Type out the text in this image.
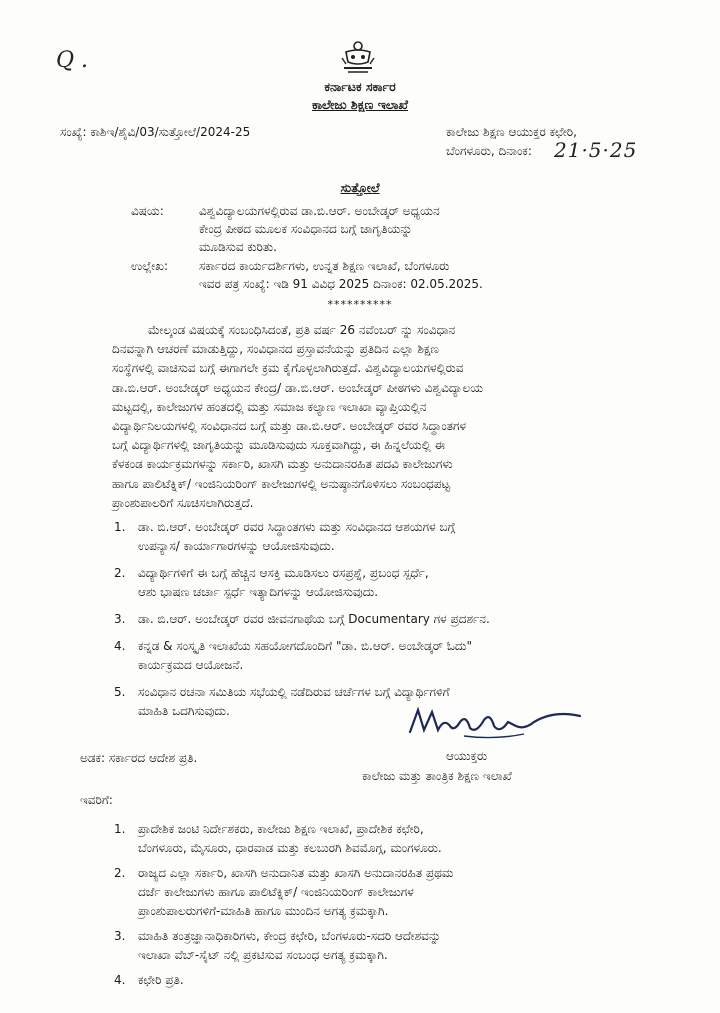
Q .
ಕರ್ನಾಟಕ ಸರ್ಕಾರ
ಕಾಲೇಜು ಶಿಕ್ಷಣ ಇಲಾಖೆ
ಸಂಖ್ಯೆ: ಕಾಶಿಇ/ಶೈವಿ/03/ಸುತ್ತೋಲೆ/2024-25	ಕಾಲೇಜು ಶಿಕ್ಷಣ ಆಯುಕ್ತರ ಕಛೇರಿ,
ಬೆಂಗಳೂರು, ದಿನಾಂಕ: 21·5·25
ಸುತ್ತೋಲೆ
ವಿಷಯ:	ವಿಶ್ವವಿದ್ಯಾಲಯಗಳಲ್ಲಿರುವ ಡಾ.ಬಿ.ಆರ್. ಅಂಬೇಡ್ಕರ್ ಅಧ್ಯಯನ
ಕೇಂದ್ರ ಪೀಠದ ಮೂಲಕ ಸಂವಿಧಾನದ ಬಗ್ಗೆ ಜಾಗೃತಿಯನ್ನು
ಮೂಡಿಸುವ ಕುರಿತು.
ಉಲ್ಲೇಖ:	ಸರ್ಕಾರದ ಕಾರ್ಯದರ್ಶಿಗಳು, ಉನ್ನತ ಶಿಕ್ಷಣ ಇಲಾಖೆ, ಬೆಂಗಳೂರು
ಇವರ ಪತ್ರ ಸಂಖ್ಯೆ: ಇಡಿ 91 ವಿವಿಧ 2025 ದಿನಾಂಕ: 02.05.2025.
**********
ಮೇಲ್ಕಂಡ ವಿಷಯಕ್ಕೆ ಸಂಬಂಧಿಸಿದಂತೆ, ಪ್ರತಿ ವರ್ಷ 26 ನವೆಂಬರ್ ನ್ನು ಸಂವಿಧಾನ
ದಿನವನ್ನಾಗಿ ಆಚರಣೆ ಮಾಡುತ್ತಿದ್ದು, ಸಂವಿಧಾನದ ಪ್ರಸ್ತಾವನೆಯನ್ನು ಪ್ರತಿದಿನ ಎಲ್ಲಾ ಶಿಕ್ಷಣ
ಸಂಸ್ಥೆಗಳಲ್ಲಿ ವಾಚಿಸುವ ಬಗ್ಗೆ ಈಗಾಗಲೇ ಕ್ರಮ ಕೈಗೊಳ್ಳಲಾಗಿರುತ್ತದೆ. ವಿಶ್ವವಿದ್ಯಾಲಯಗಳಲ್ಲಿರುವ
ಡಾ.ಬಿ.ಆರ್. ಅಂಬೇಡ್ಕರ್ ಅಧ್ಯಯನ ಕೇಂದ್ರ/ ಡಾ.ಬಿ.ಆರ್. ಅಂಬೇಡ್ಕರ್ ಪೀಠಗಳು ವಿಶ್ವವಿದ್ಯಾಲಯ
ಮಟ್ಟದಲ್ಲಿ, ಕಾಲೇಜುಗಳ ಹಂತದಲ್ಲಿ ಮತ್ತು ಸಮಾಜ ಕಲ್ಯಾಣ ಇಲಾಖಾ ವ್ಯಾಪ್ತಿಯಲ್ಲಿನ
ವಿದ್ಯಾರ್ಥಿನಿಲಯಗಳಲ್ಲಿ ಸಂವಿಧಾನದ ಬಗ್ಗೆ ಮತ್ತು ಡಾ.ಬಿ.ಆರ್. ಅಂಬೇಡ್ಕರ್ ರವರ ಸಿದ್ಧಾಂತಗಳ
ಬಗ್ಗೆ ವಿದ್ಯಾರ್ಥಿಗಳಲ್ಲಿ ಜಾಗೃತಿಯನ್ನು ಮೂಡಿಸುವುದು ಸೂಕ್ತವಾಗಿದ್ದು, ಈ ಹಿನ್ನಲೆಯಲ್ಲಿ ಈ
ಕೆಳಕಂಡ ಕಾರ್ಯಕ್ರಮಗಳನ್ನು ಸರ್ಕಾರಿ, ಖಾಸಗಿ ಮತ್ತು ಅನುದಾನರಹಿತ ಪದವಿ ಕಾಲೇಜುಗಳು
ಹಾಗೂ ಪಾಲಿಟೆಕ್ನಿಕ್/ ಇಂಜಿನಿಯರಿಂಗ್ ಕಾಲೇಜುಗಳಲ್ಲಿ ಅನುಷ್ಠಾನಗೊಳಿಸಲು ಸಂಬಂಧಪಟ್ಟ
ಪ್ರಾಂಶುಪಾಲರಿಗೆ ಸೂಚಿಸಲಾಗಿರುತ್ತದೆ.
1. ಡಾ. ಬಿ.ಆರ್. ಅಂಬೇಡ್ಕರ್ ರವರ ಸಿದ್ಧಾಂತಗಳು ಮತ್ತು ಸಂವಿಧಾನದ ಆಶಯಗಳ ಬಗ್ಗೆ
ಉಪನ್ಯಾಸ/ ಕಾರ್ಯಾಗಾರಗಳನ್ನು ಆಯೋಜಿಸುವುದು.
2. ವಿದ್ಯಾರ್ಥಿಗಳಿಗೆ ಈ ಬಗ್ಗೆ ಹೆಚ್ಚಿನ ಆಸಕ್ತಿ ಮೂಡಿಸಲು ರಸಪ್ರಶ್ನೆ, ಪ್ರಬಂಧ ಸ್ಪರ್ಧೆ,
ಆಶು ಭಾಷಣ ಚರ್ಚಾ ಸ್ಪರ್ಧೆ ಇತ್ಯಾದಿಗಳನ್ನು ಆಯೋಜಿಸುವುದು.
3. ಡಾ. ಬಿ.ಆರ್. ಅಂಬೇಡ್ಕರ್ ರವರ ಜೀವನಗಾಥೆಯ ಬಗ್ಗೆ Documentary ಗಳ ಪ್ರದರ್ಶನ.
4. ಕನ್ನಡ & ಸಂಸ್ಕೃತಿ ಇಲಾಖೆಯ ಸಹಯೋಗದೊಂದಿಗೆ "ಡಾ. ಬಿ.ಆರ್. ಅಂಬೇಡ್ಕರ್ ಓದು"
ಕಾರ್ಯಕ್ರಮದ ಆಯೋಜನೆ.
5. ಸಂವಿಧಾನ ರಚನಾ ಸಮಿತಿಯ ಸಭೆಯಲ್ಲಿ ನಡೆದಿರುವ ಚರ್ಚೆಗಳ ಬಗ್ಗೆ ವಿದ್ಯಾರ್ಥಿಗಳಿಗೆ
ಮಾಹಿತಿ ಒದಗಿಸುವುದು.
ಆಯುಕ್ತರು
ಕಾಲೇಜು ಮತ್ತು ತಾಂತ್ರಿಕ ಶಿಕ್ಷಣ ಇಲಾಖೆ
ಅಡಕ: ಸರ್ಕಾರದ ಆದೇಶ ಪ್ರತಿ.
ಇವರಿಗೆ:
1. ಪ್ರಾದೇಶಿಕ ಜಂಟಿ ನಿರ್ದೇಶಕರು, ಕಾಲೇಜು ಶಿಕ್ಷಣ ಇಲಾಖೆ, ಪ್ರಾದೇಶಿಕ ಕಛೇರಿ,
ಬೆಂಗಳೂರು, ಮೈಸೂರು, ಧಾರವಾಡ ಮತ್ತು ಕಲಬುರಗಿ ಶಿವಮೊಗ್ಗ, ಮಂಗಳೂರು.
2. ರಾಜ್ಯದ ಎಲ್ಲಾ ಸರ್ಕಾರಿ, ಖಾಸಗಿ ಅನುದಾನಿತ ಮತ್ತು ಖಾಸಗಿ ಅನುದಾನರಹಿತ ಪ್ರಥಮ
ದರ್ಜೆ ಕಾಲೇಜುಗಳು ಹಾಗೂ ಪಾಲಿಟೆಕ್ನಿಕ್/ ಇಂಜಿನಿಯರಿಂಗ್ ಕಾಲೇಜುಗಳ
ಪ್ರಾಂಶುಪಾಲರುಗಳಿಗೆ-ಮಾಹಿತಿ ಹಾಗೂ ಮುಂದಿನ ಅಗತ್ಯ ಕ್ರಮಕ್ಕಾಗಿ.
3. ಮಾಹಿತಿ ತಂತ್ರಜ್ಞಾನಾಧಿಕಾರಿಗಳು, ಕೇಂದ್ರ ಕಛೇರಿ, ಬೆಂಗಳೂರು-ಸದರಿ ಆದೇಶವನ್ನು
ಇಲಾಖಾ ವೆಬ್-ಸೈಟ್ ನಲ್ಲಿ ಪ್ರಕಟಿಸುವ ಸಂಬಂಧ ಅಗತ್ಯ ಕ್ರಮಕ್ಕಾಗಿ.
4. ಕಛೇರಿ ಪ್ರತಿ.
